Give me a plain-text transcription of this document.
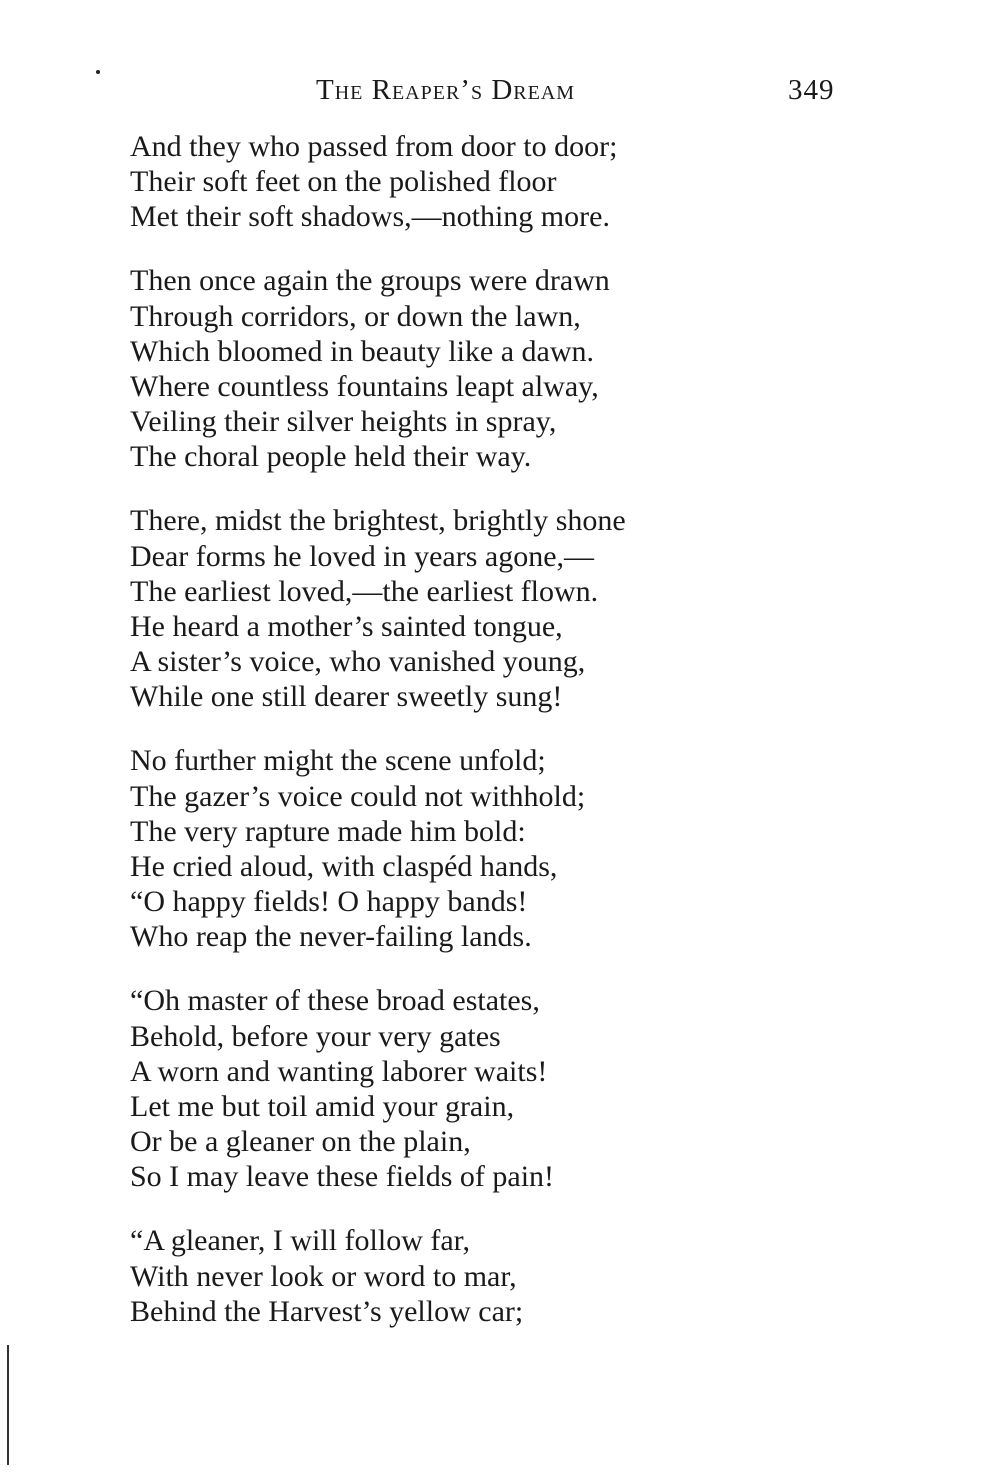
The Reaper’s Dream	349
And they who passed from door to door;
Their soft feet on the polished floor
Met their soft shadows,—nothing more.
Then once again the groups were drawn
Through corridors, or down the lawn,
Which bloomed in beauty like a dawn.
Where countless fountains leapt alway,
Veiling their silver heights in spray,
The choral people held their way.
There, midst the brightest, brightly shone
Dear forms he loved in years agone,—
The earliest loved,—the earliest flown.
He heard a mother’s sainted tongue,
A sister’s voice, who vanished young,
While one still dearer sweetly sung!
No further might the scene unfold;
The gazer’s voice could not withhold;
The very rapture made him bold:
He cried aloud, with claspéd hands,
“O happy fields! O happy bands!
Who reap the never-failing lands.
“Oh master of these broad estates,
Behold, before your very gates
A worn and wanting laborer waits!
Let me but toil amid your grain,
Or be a gleaner on the plain,
So I may leave these fields of pain!
“A gleaner, I will follow far,
With never look or word to mar,
Behind the Harvest’s yellow car;
